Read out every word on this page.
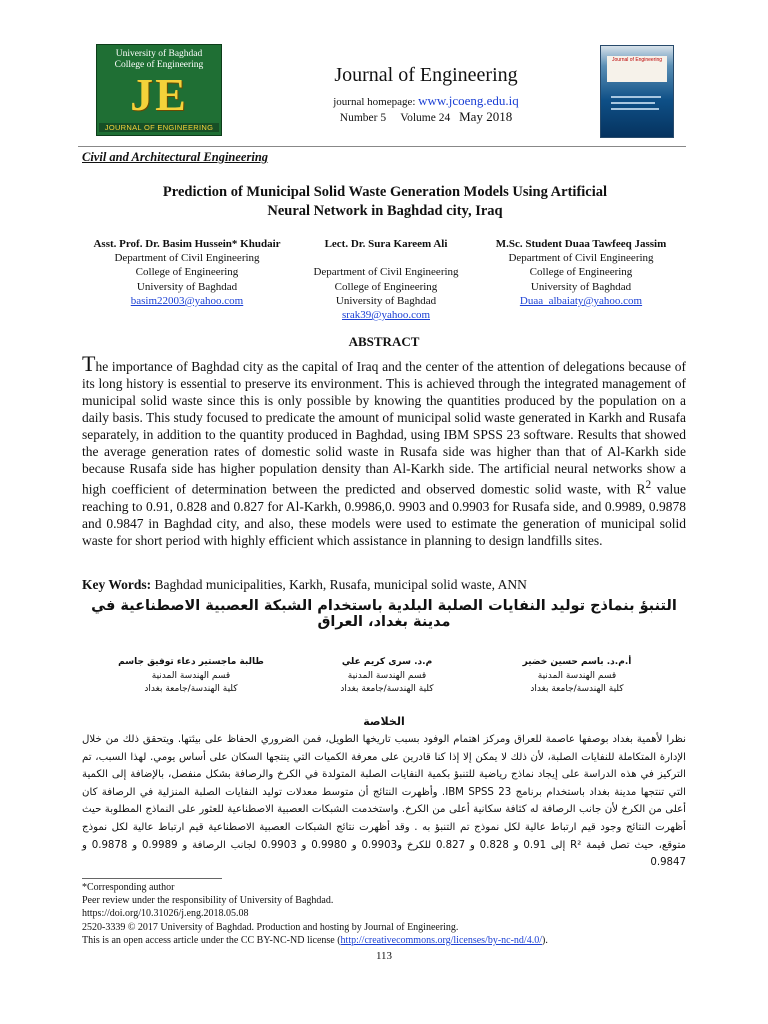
University of Baghdad
College of Engineering
JE
JOURNAL OF ENGINEERING
Journal of Engineering
journal homepage: www.jcoeng.edu.iq
Number 5 Volume 24 May 2018
Journal of Engineering
Civil and Architectural Engineering
Prediction of Municipal Solid Waste Generation Models Using Artificial
Neural Network in Baghdad city, Iraq
Asst. Prof. Dr. Basim Hussein* Khudair
Department of Civil Engineering
College of Engineering
University of Baghdad
basim22003@yahoo.com
Lect. Dr. Sura Kareem Ali
Department of Civil Engineering
College of Engineering
University of Baghdad
srak39@yahoo.com
M.Sc. Student Duaa Tawfeeq Jassim
Department of Civil Engineering
College of Engineering
University of Baghdad
Duaa_albaiaty@yahoo.com
ABSTRACT
The importance of Baghdad city as the capital of Iraq and the center of the attention of delegations because of its long history is essential to preserve its environment. This is achieved through the integrated management of municipal solid waste since this is only possible by knowing the quantities produced by the population on a daily basis. This study focused to predicate the amount of municipal solid waste generated in Karkh and Rusafa separately, in addition to the quantity produced in Baghdad, using IBM SPSS 23 software. Results that showed the average generation rates of domestic solid waste in Rusafa side was higher than that of Al-Karkh side because Rusafa side has higher population density than Al-Karkh side. The artificial neural networks show a high coefficient of determination between the predicted and observed domestic solid waste, with $R^2$ value reaching to 0.91, 0.828 and 0.827 for Al-Karkh, 0.9986,0. 9903 and 0.9903 for Rusafa side, and 0.9989, 0.9878 and 0.9847 in Baghdad city, and also, these models were used to estimate the generation of municipal solid waste for short period with highly efficient which assistance in planning to design landfills sites.
Key Words: Baghdad municipalities, Karkh, Rusafa, municipal solid waste, ANN
التنبؤ بنماذج توليد النفايات الصلبة البلدية باستخدام الشبكة العصبية الاصطناعية في مدينة بغداد، العراق
أ.م.د. باسم حسين خضير
قسم الهندسة المدنية
كلية الهندسة/جامعة بغداد
م.د. سرى كريم علي
قسم الهندسة المدنية
كلية الهندسة/جامعة بغداد
طالبة ماجستير دعاء توفيق جاسم
قسم الهندسة المدنية
كلية الهندسة/جامعة بغداد
الخلاصة
نظرا لأهمية بغداد بوصفها عاصمة للعراق ومركز اهتمام الوفود بسبب تاريخها الطويل، فمن الضروري الحفاظ على بيئتها. ويتحقق ذلك من خلال الإدارة المتكاملة للنفايات الصلبة، لأن ذلك لا يمكن إلا إذا كنا قادرين على معرفة الكميات التي ينتجها السكان على أساس يومي. لهذا السبب، تم التركيز في هذه الدراسة على إيجاد نماذج رياضية للتنبؤ بكمية النفايات الصلبة المتولدة في الكرخ والرصافة بشكل منفصل، بالإضافة إلى الكمية التي تنتجها مدينة بغداد باستخدام برنامج IBM SPSS 23. وأظهرت النتائج أن متوسط معدلات توليد النفايات الصلبة المنزلية في الرصافة كان أعلى من الكرخ لأن جانب الرصافة له كثافة سكانية أعلى من الكرخ. واستخدمت الشبكات العصبية الاصطناعية للعثور على النماذج المطلوبة حيث أظهرت النتائج وجود قيم ارتباط عالية لكل نموذج تم التنبؤ به . وقد أظهرت نتائج الشبكات العصبية الاصطناعية قيم ارتباط عالية لكل نموذج متوقع، حيث تصل قيمة R² إلى 0.91 و 0.828 و 0.827 للكرخ و0.9903 و 0.9980 و 0.9903 لجانب الرصافة و 0.9989 و 0.9878 و 0.9847
*Corresponding author
Peer review under the responsibility of University of Baghdad.
https://doi.org/10.31026/j.eng.2018.05.08
2520-3339 © 2017 University of Baghdad. Production and hosting by Journal of Engineering.
This is an open access article under the CC BY-NC-ND license (http://creativecommons.org/licenses/by-nc-nd/4.0/).
113
